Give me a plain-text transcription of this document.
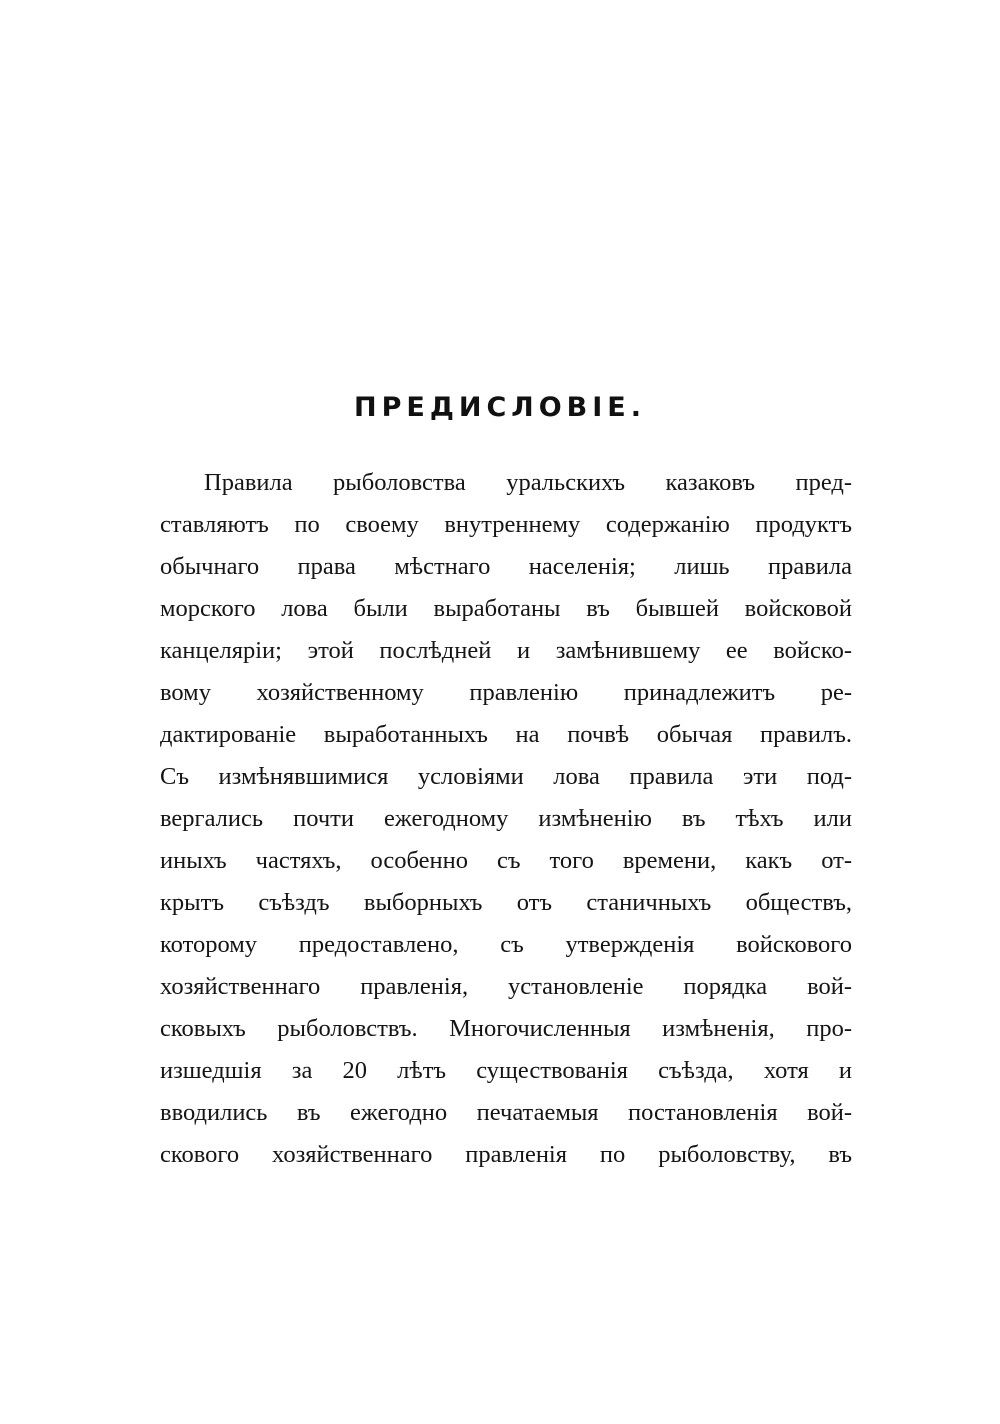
ПРЕДИСЛОВІЕ.
Правила рыболовства уральскихъ казаковъ пред-
ставляютъ по своему внутреннему содержанію продуктъ
обычнаго права мѣстнаго населенія; лишь правила
морского лова были выработаны въ бывшей войсковой
канцеляріи; этой послѣдней и замѣнившему ее войско-
вому хозяйственному правленію принадлежитъ ре-
дактированіе выработанныхъ на почвѣ обычая правилъ.
Съ измѣнявшимися условіями лова правила эти под-
вергались почти ежегодному измѣненію въ тѣхъ или
иныхъ частяхъ, особенно съ того времени, какъ от-
крытъ съѣздъ выборныхъ отъ станичныхъ обществъ,
которому предоставлено, съ утвержденія войскового
хозяйственнаго правленія, установленіе порядка вой-
сковыхъ рыболовствъ. Многочисленныя измѣненія, про-
изшедшія за 20 лѣтъ существованія съѣзда, хотя и
вводились въ ежегодно печатаемыя постановленія вой-
скового хозяйственнаго правленія по рыболовству, въ
